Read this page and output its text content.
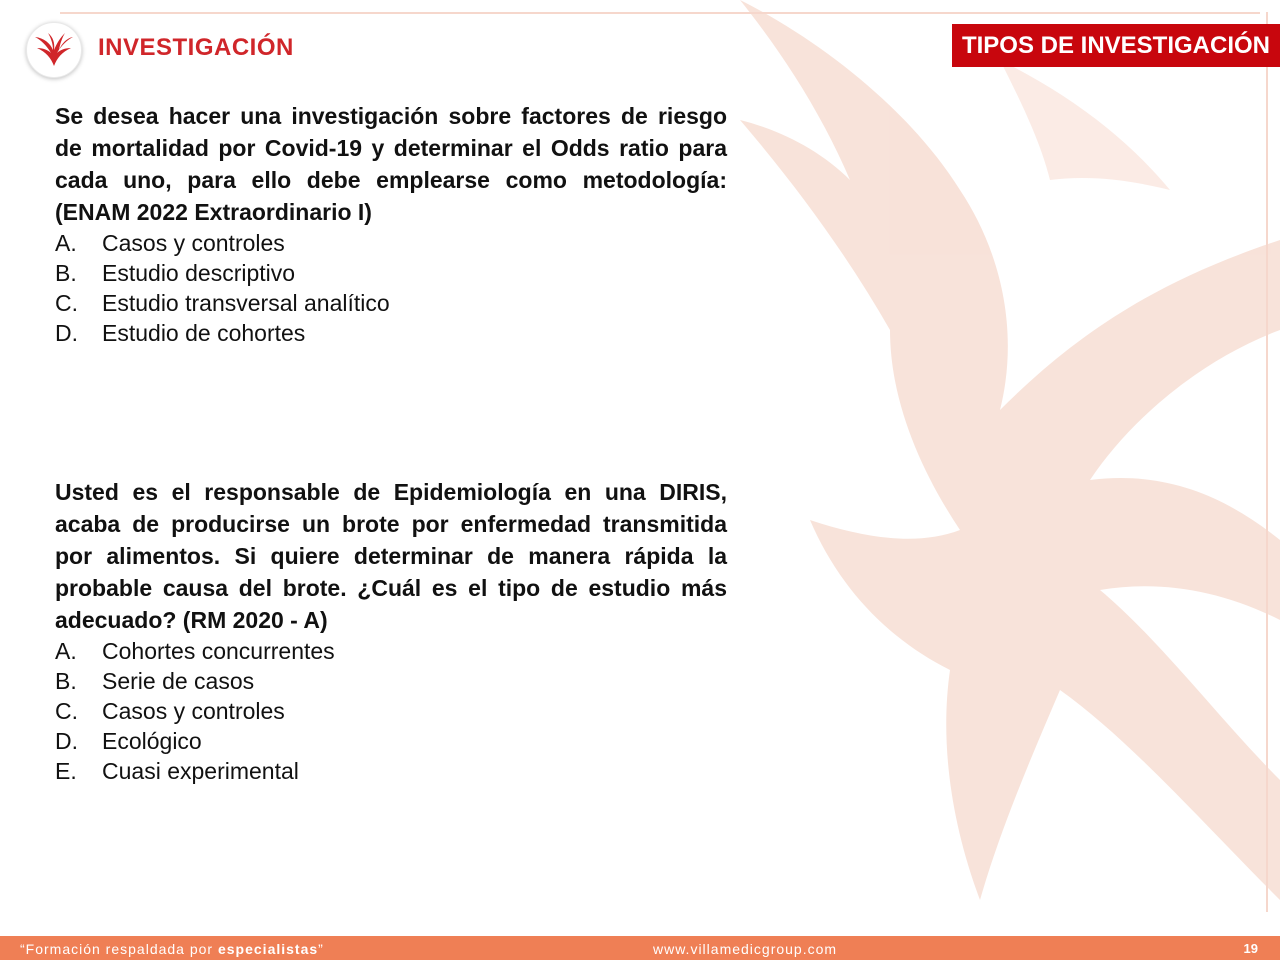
INVESTIGACIÓN	TIPOS DE INVESTIGACIÓN

Se desea hacer una investigación sobre factores de riesgo de mortalidad por Covid-19 y determinar el Odds ratio para cada uno, para ello debe emplearse como metodología: (ENAM 2022 Extraordinario I)

A.	Casos y controles
B.	Estudio descriptivo
C.	Estudio transversal analítico
D.	Estudio de cohortes

Usted es el responsable de Epidemiología en una DIRIS, acaba de producirse un brote por enfermedad transmitida por alimentos. Si quiere determinar de manera rápida la probable causa del brote. ¿Cuál es el tipo de estudio más adecuado? (RM 2020 - A)

A.	Cohortes concurrentes
B.	Serie de casos
C.	Casos y controles
D.	Ecológico
E.	Cuasi experimental
“Formación respaldada por especialistas”	www.villamedicgroup.com	19
